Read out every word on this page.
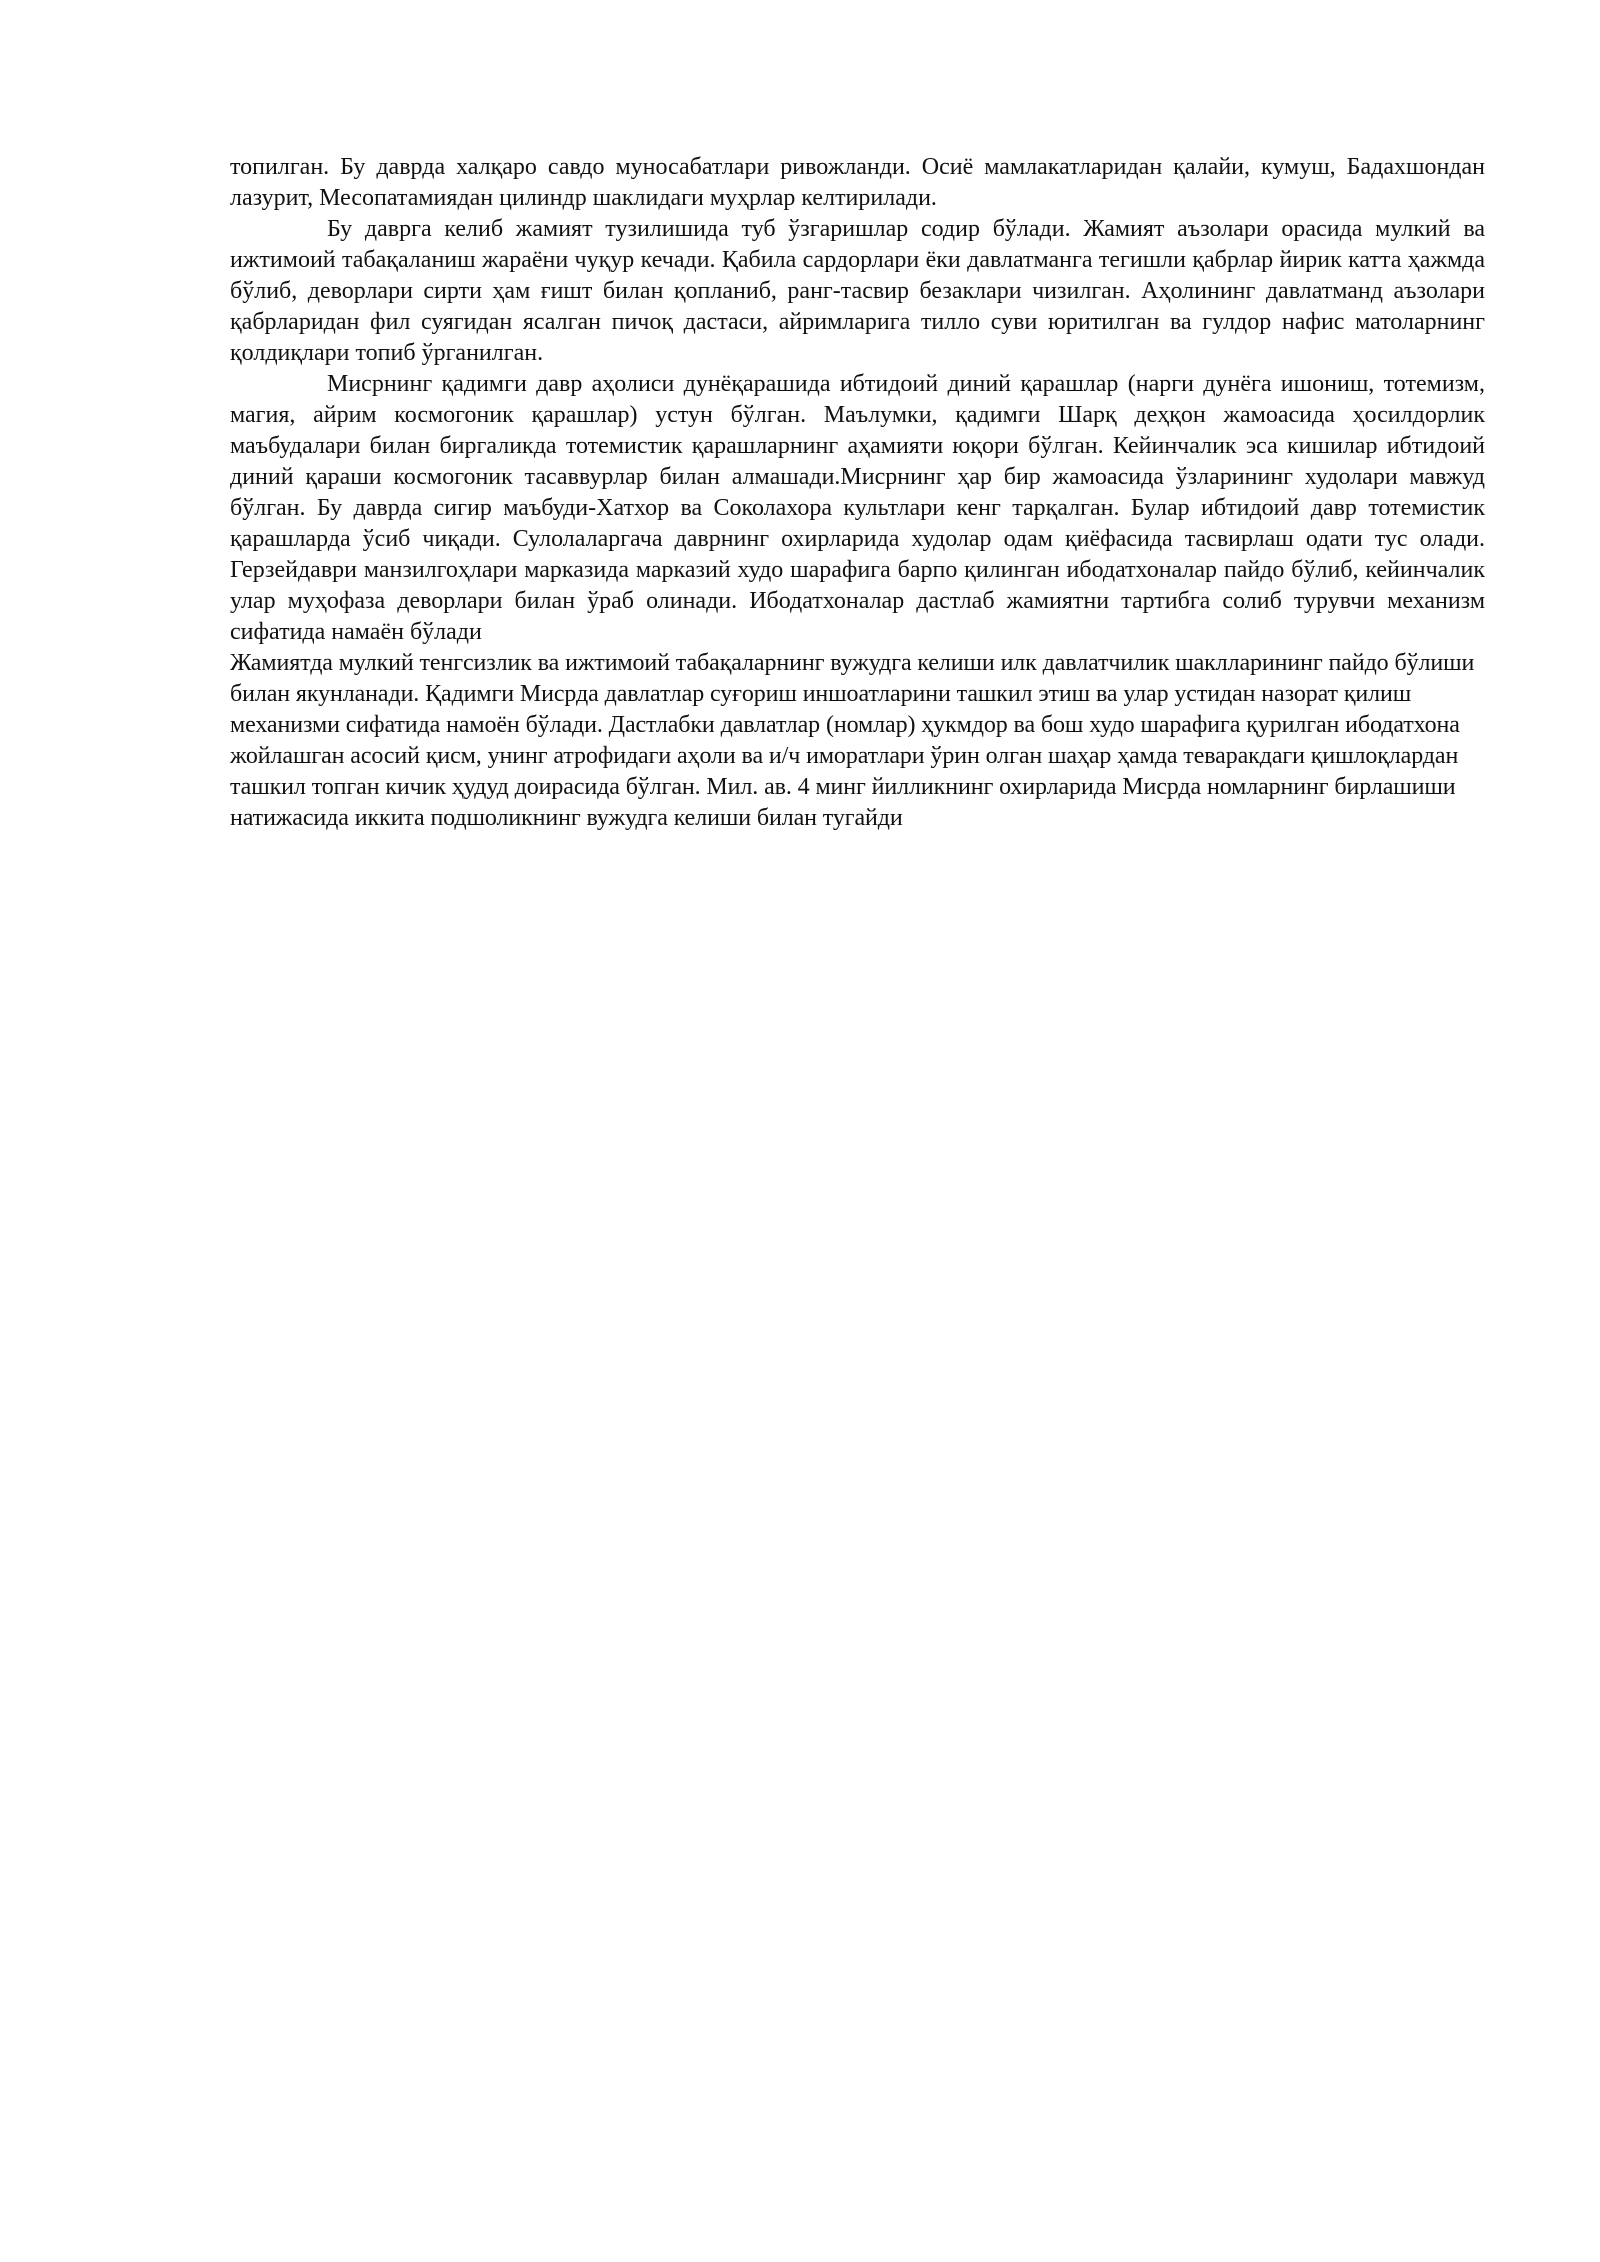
топилган. Бу даврда халқаро савдо муносабатлари ривожланди. Осиё мамлакатларидан қалайи, кумуш, Бадахшондан лазурит, Месопатамиядан цилиндр шаклидаги муҳрлар келтирилади.

Бу даврга келиб жамият тузилишида туб ўзгаришлар содир бўлади. Жамият аъзолари орасида мулкий ва ижтимоий табақаланиш жараёни чуқур кечади. Қабила сардорлари ёки давлатманга тегишли қабрлар йирик катта ҳажмда бўлиб, деворлари сирти ҳам ғишт билан қопланиб, ранг-тасвир безаклари чизилган. Аҳолининг давлатманд аъзолари қабрларидан фил суягидан ясалган пичоқ дастаси, айримларига тилло суви юритилган ва гулдор нафис матоларнинг қолдиқлари топиб ўрганилган.

Мисрнинг қадимги давр аҳолиси дунёқарашида ибтидоий диний қарашлар (нарги дунёга ишониш, тотемизм, магия, айрим космогоник қарашлар) устун бўлган. Маълумки, қадимги Шарқ деҳқон жамоасида ҳосилдорлик маъбудалари билан биргаликда тотемистик қарашларнинг аҳамияти юқори бўлган. Кейинчалик эса кишилар ибтидоий диний қараши космогоник тасаввурлар билан алмашади.Мисрнинг ҳар бир жамоасида ўзларининг худолари мавжуд бўлган. Бу даврда сигир маъбуди-Хатхор ва Соколахора культлари кенг тарқалган. Булар ибтидоий давр тотемистик қарашларда ўсиб чиқади. Сулолаларгача даврнинг охирларида худолар одам қиёфасида тасвирлаш одати тус олади. Герзейдаври манзилгоҳлари марказида марказий худо шарафига барпо қилинган ибодатхоналар пайдо бўлиб, кейинчалик улар муҳофаза деворлари билан ўраб олинади. Ибодатхоналар дастлаб жамиятни тартибга солиб турувчи механизм сифатида намаён бўлади

Жамиятда мулкий тенгсизлик ва ижтимоий табақаларнинг вужудга келиши илк давлатчилик шаклларининг пайдо бўлиши билан якунланади. Қадимги Мисрда давлатлар суғориш иншоатларини ташкил этиш ва улар устидан назорат қилиш механизми сифатида намоён бўлади. Дастлабки давлатлар (номлар) ҳукмдор ва бош худо шарафига қурилган ибодатхона жойлашган асосий қисм, унинг атрофидаги аҳоли ва и/ч иморатлари ўрин олган шаҳар ҳамда теваракдаги қишлоқлардан ташкил топган кичик ҳудуд доирасида бўлган. Мил. ав. 4 минг йилликнинг охирларида Мисрда номларнинг бирлашиши натижасида иккита подшоликнинг вужудга келиши билан тугайди
